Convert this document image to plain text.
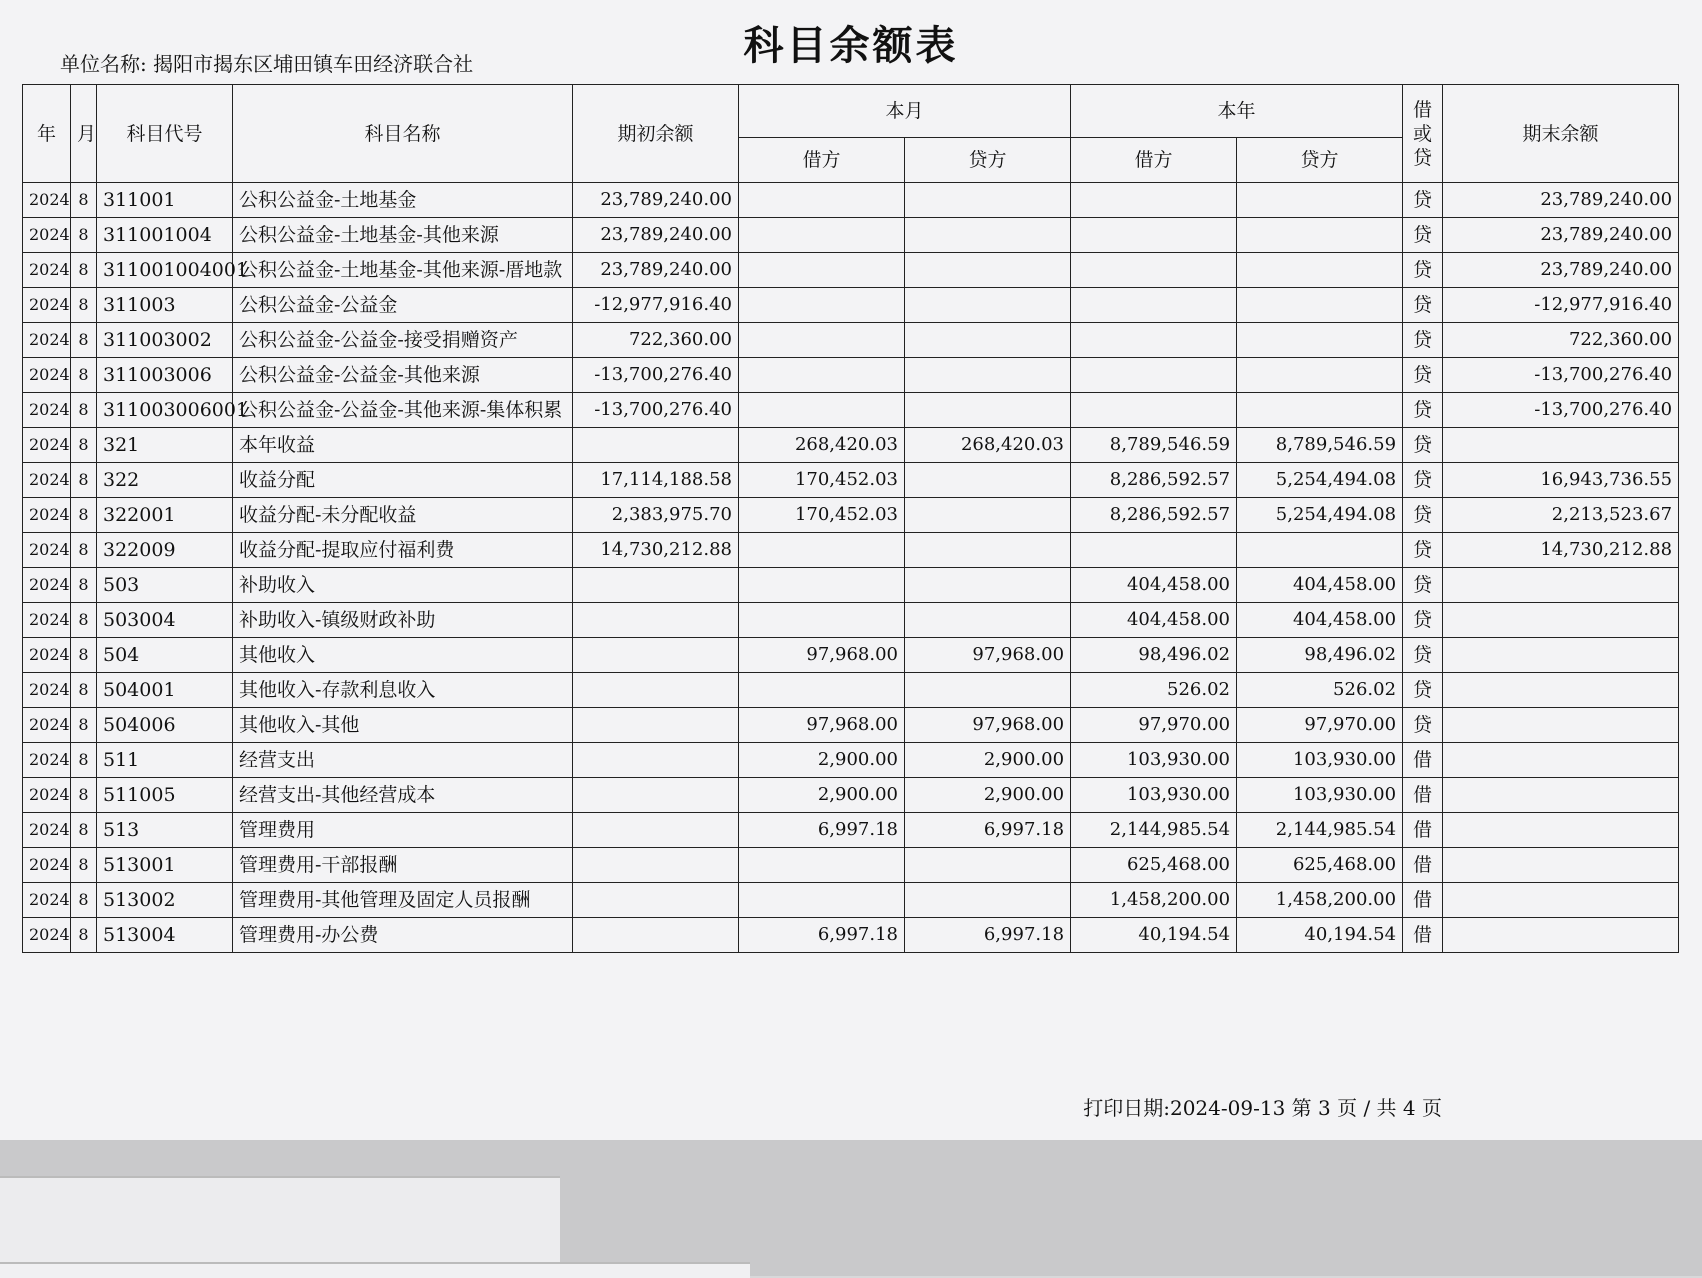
科目余额表
单位名称: 揭阳市揭东区埔田镇车田经济联合社
年	月	科目代号	科目名称	期初余额	本月		本年		借或贷	期末余额
					借方	贷方	借方	贷方		
2024	8	311001	公积公益金-土地基金	23,789,240.00					贷	23,789,240.00
2024	8	311001004	公积公益金-土地基金-其他来源	23,789,240.00					贷	23,789,240.00
2024	8	311001004001	公积公益金-土地基金-其他来源-厝地款	23,789,240.00					贷	23,789,240.00
2024	8	311003	公积公益金-公益金	-12,977,916.40					贷	-12,977,916.40
2024	8	311003002	公积公益金-公益金-接受捐赠资产	722,360.00					贷	722,360.00
2024	8	311003006	公积公益金-公益金-其他来源	-13,700,276.40					贷	-13,700,276.40
2024	8	311003006001	公积公益金-公益金-其他来源-集体积累	-13,700,276.40					贷	-13,700,276.40
2024	8	321	本年收益		268,420.03	268,420.03	8,789,546.59	8,789,546.59	贷	
2024	8	322	收益分配	17,114,188.58	170,452.03		8,286,592.57	5,254,494.08	贷	16,943,736.55
2024	8	322001	收益分配-未分配收益	2,383,975.70	170,452.03		8,286,592.57	5,254,494.08	贷	2,213,523.67
2024	8	322009	收益分配-提取应付福利费	14,730,212.88					贷	14,730,212.88
2024	8	503	补助收入				404,458.00	404,458.00	贷	
2024	8	503004	补助收入-镇级财政补助				404,458.00	404,458.00	贷	
2024	8	504	其他收入		97,968.00	97,968.00	98,496.02	98,496.02	贷	
2024	8	504001	其他收入-存款利息收入				526.02	526.02	贷	
2024	8	504006	其他收入-其他		97,968.00	97,968.00	97,970.00	97,970.00	贷	
2024	8	511	经营支出		2,900.00	2,900.00	103,930.00	103,930.00	借	
2024	8	511005	经营支出-其他经营成本		2,900.00	2,900.00	103,930.00	103,930.00	借	
2024	8	513	管理费用		6,997.18	6,997.18	2,144,985.54	2,144,985.54	借	
2024	8	513001	管理费用-干部报酬				625,468.00	625,468.00	借	
2024	8	513002	管理费用-其他管理及固定人员报酬				1,458,200.00	1,458,200.00	借	
2024	8	513004	管理费用-办公费		6,997.18	6,997.18	40,194.54	40,194.54	借	
打印日期:2024-09-13 第 3 页 / 共 4 页
